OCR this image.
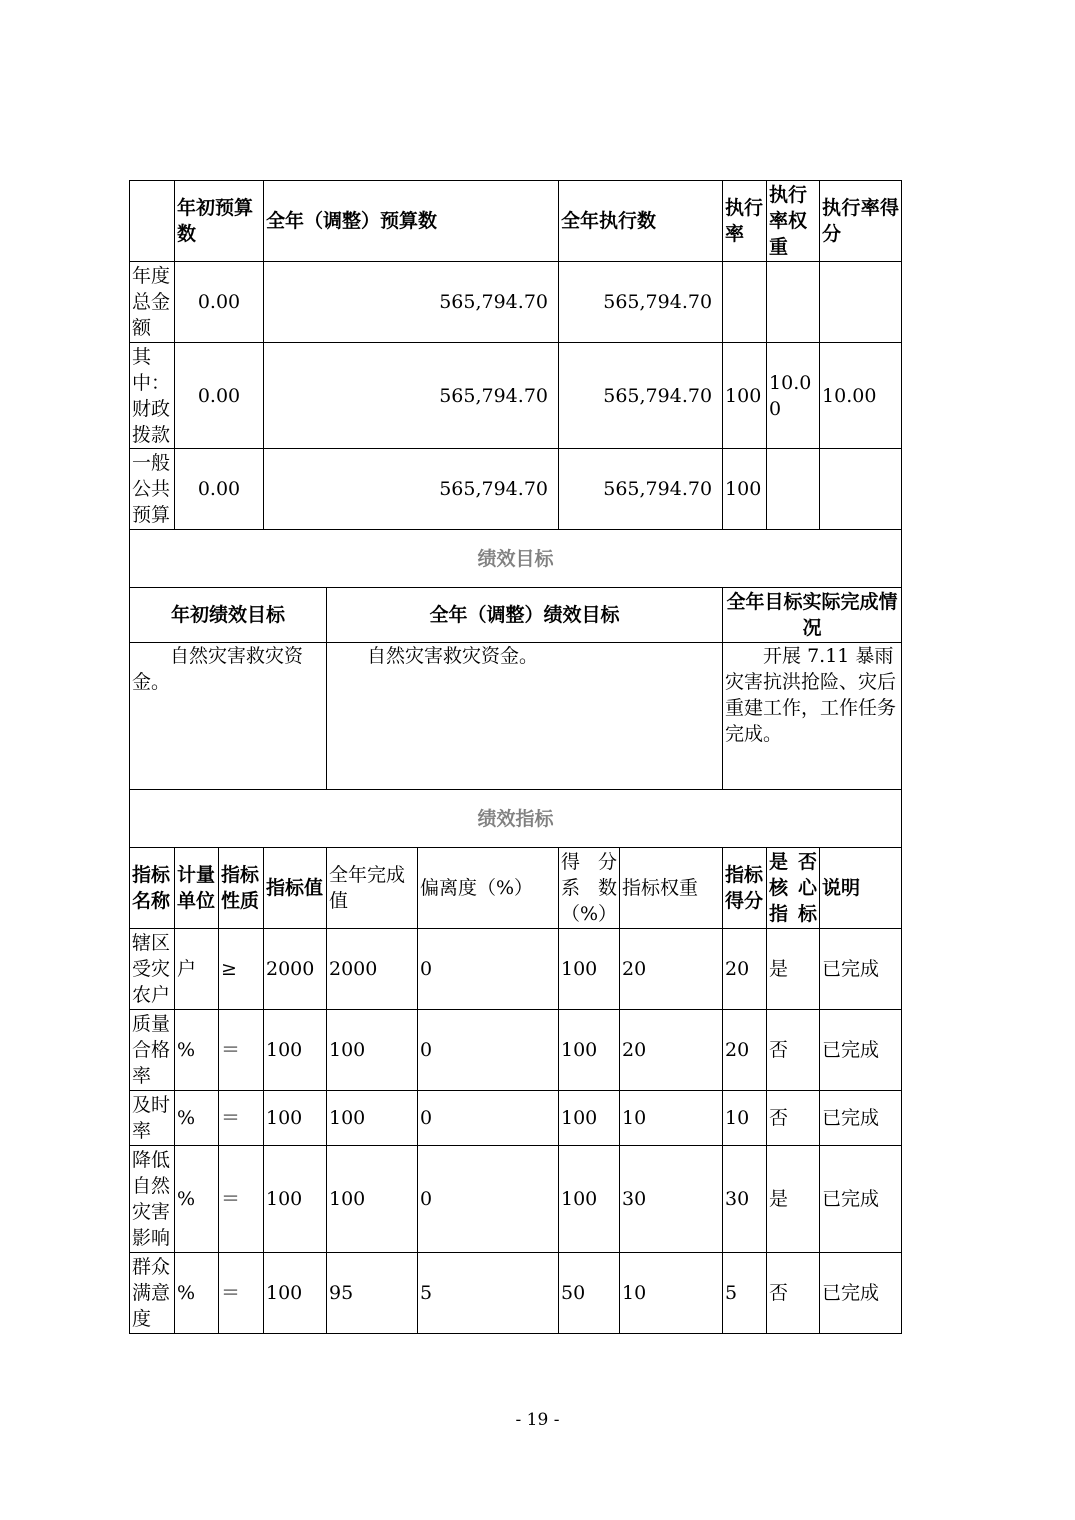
	年初预算数		全年（调整）预算数			全年执行数		执行率	执行率权重	执行率得分
年度总金额	0.00		565,794.70			565,794.70				
其中：财政拨款	0.00		565,794.70			565,794.70		100	10.00	10.00
一般公共预算	0.00		565,794.70			565,794.70		100		
绩效目标										
年初绩效目标				全年（调整）绩效目标				全年目标实际完成情况		
自然灾害救灾资金。				自然灾害救灾资金。				开展 7.11 暴雨灾害抗洪抢险、灾后重建工作，工作任务完成。		
绩效指标										
指标名称	计量单位	指标性质	指标值	全年完成值	偏离度（%）	得分系数（%）	指标权重	指标得分	是否核心指标	说明
辖区受灾农户	户	≥	2000	2000	0	100	20	20	是	已完成
质量合格率	%	＝	100	100	0	100	20	20	否	已完成
及时率	%	＝	100	100	0	100	10	10	否	已完成
降低自然灾害影响	%	＝	100	100	0	100	30	30	是	已完成
群众满意度	%	＝	100	95	5	50	10	5	否	已完成
- 19 -
